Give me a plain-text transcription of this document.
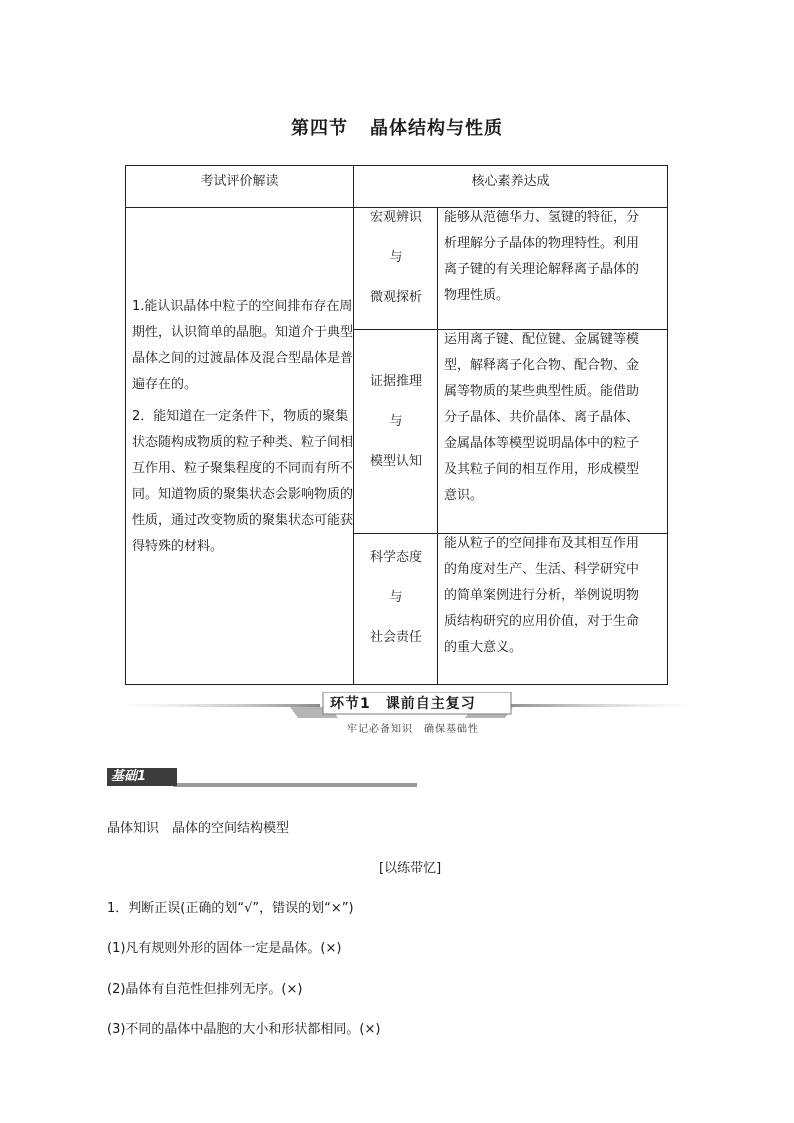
第四节 晶体结构与性质
考试评价解读	核心素养达成

1.能认识晶体中粒子的空间排布存在周期性，认识简单的晶胞。知道介于典型晶体之间的过渡晶体及混合型晶体是普遍存在的。

2．能知道在一定条件下，物质的聚集状态随构成物质的粒子种类、粒子间相互作用、粒子聚集程度的不同而有所不同。知道物质的聚集状态会影响物质的性质，通过改变物质的聚集状态可能获得特殊的材料。

宏观辨识
与
微观探析
能够从范德华力、氢键的特征，分
析理解分子晶体的物理特性。利用
离子键的有关理论解释离子晶体的
物理性质。
证据推理
与
模型认知
运用离子键、配位键、金属键等模
型，解释离子化合物、配合物、金
属等物质的某些典型性质。能借助
分子晶体、共价晶体、离子晶体、
金属晶体等模型说明晶体中的粒子
及其粒子间的相互作用，形成模型
意识。
科学态度
与
社会责任
能从粒子的空间排布及其相互作用
的角度对生产、生活、科学研究中
的简单案例进行分析，举例说明物
质结构研究的应用价值，对于生命
的重大意义。
环节1　课前自主复习
牢记必备知识　确保基础性
基础1
晶体知识　晶体的空间结构模型
[以练带忆]
1．判断正误(正确的划“√”，错误的划“×”)
(1)凡有规则外形的固体一定是晶体。(×)
(2)晶体有自范性但排列无序。(×)
(3)不同的晶体中晶胞的大小和形状都相同。(×)
